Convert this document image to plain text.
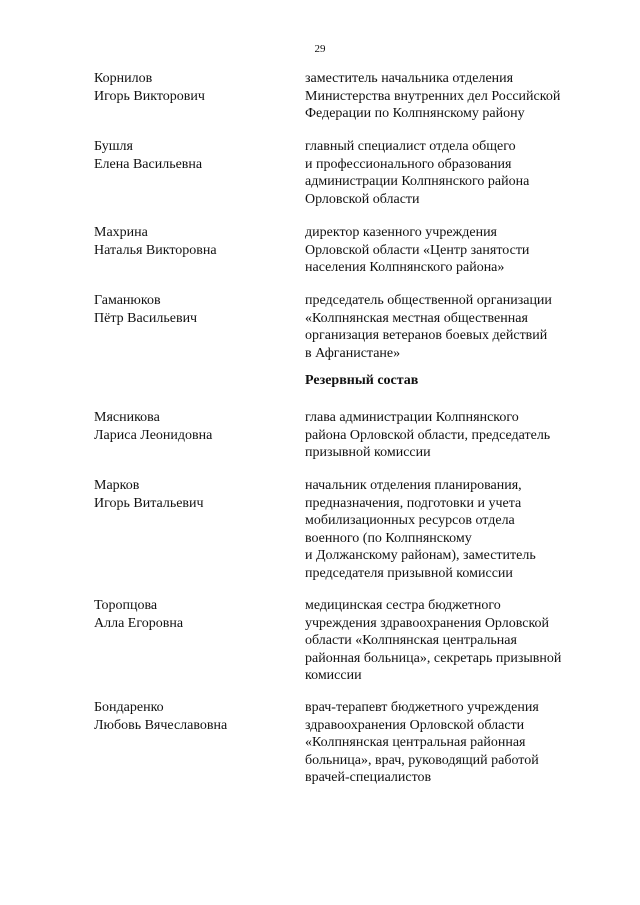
29
Корнилов
Игорь Викторович
заместитель начальника отделения
Министерства внутренних дел Российской
Федерации по Колпнянскому району
Бушля
Елена Васильевна
главный специалист отдела общего
и профессионального образования
администрации Колпнянского района
Орловской области
Махрина
Наталья Викторовна
директор казенного учреждения
Орловской области «Центр занятости
населения Колпнянского района»
Гаманюков
Пётр Васильевич
председатель общественной организации
«Колпнянская местная общественная
организация ветеранов боевых действий
в Афганистане»
Резервный состав
Мясникова
Лариса Леонидовна
глава администрации Колпнянского
района Орловской области, председатель
призывной комиссии
Марков
Игорь Витальевич
начальник отделения планирования,
предназначения, подготовки и учета
мобилизационных ресурсов отдела
военного (по Колпнянскому
и Должанскому районам), заместитель
председателя призывной комиссии
Торопцова
Алла Егоровна
медицинская сестра бюджетного
учреждения здравоохранения Орловской
области «Колпнянская центральная
районная больница», секретарь призывной
комиссии
Бондаренко
Любовь Вячеславовна
врач-терапевт бюджетного учреждения
здравоохранения Орловской области
«Колпнянская центральная районная
больница», врач, руководящий работой
врачей-специалистов
